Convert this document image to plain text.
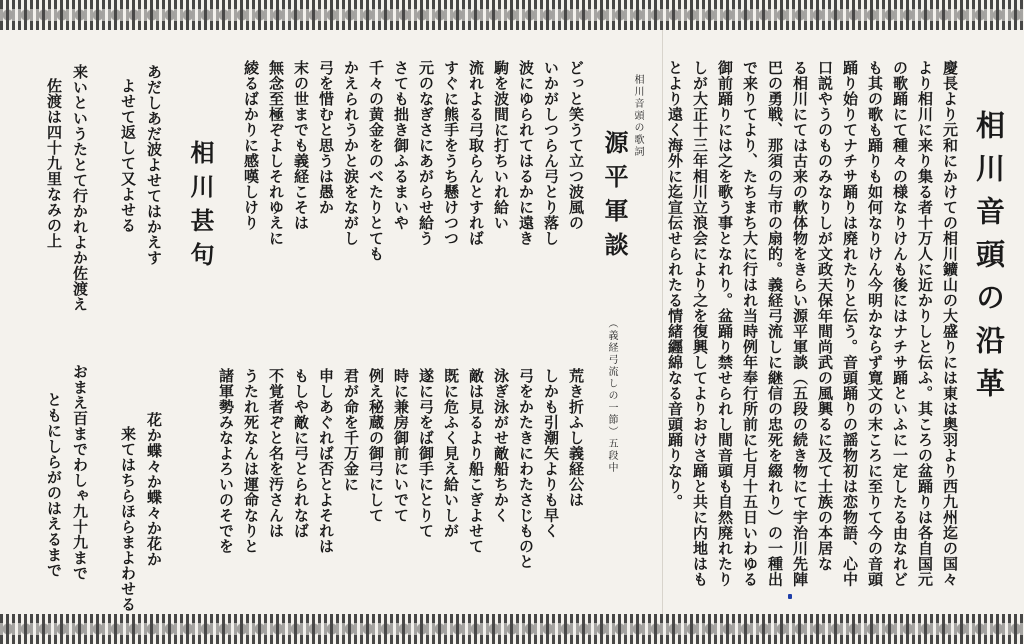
相川音頭の沿革
慶長より元和にかけての相川鑛山の大盛りには東は奥羽より西九州迄の国々
より相川に来り集る者十万人に近かりしと伝ふ。其ころの盆踊りは各自国元
の歌踊にて種々の様なりけんも後にはナチサ踊といふに一定したる由なれど
も其の歌も踊りも如何なりけん今明かならず寛文の末ころに至りて今の音頭
踊り始りてナチサ踊りは廃れたりと伝う。音頭踊りの謡物初は恋物語、心中
口説やうのものみなりしが文政天保年間尚武の風興るに及て士族の本居な
る相川にては古来の軟体物をきらい源平軍談（五段の続き物にて宇治川先陣
巴の勇戦、那須の与市の扇的。義経弓流しに継信の忠死を綴れり）の一種出
で来りてより、たちまち大に行はれ当時例年奉行所前に七月十五日いわゆる
御前踊りには之を歌う事となれり。盆踊り禁せられし間音頭も自然廃れたり
しが大正十三年相川立浪会により之を復興してよりおけさ踊と共に内地はも
とより遠く海外に迄宣伝せられたる情緒纒綿なる音頭踊りなり。
相川音頭の歌詞
源平軍談
（義経弓流しの一節）五段中
どっと笑うて立つ波風の
いかがしつらん弓とり落し
波にゆられてはるかに遠き
駒を波間に打ちいれ給い
流れよる弓取らんとすれば
すぐに熊手をうち懸けつつ
元のなぎさにあがらせ給う
さても拙き御ふるまいや
千々の黄金をのべたりとても
かえられうかと涙をながし
弓を惜むと思うは愚か
末の世までも義経こそは
無念至極ぞよしそれゆえに
綾るばかりに感嘆しけり
荒き折ふし義経公は
しかも引潮矢よりも早く
弓をかたきにわたさじものと
泳ぎ泳がせ敵船ちかく
敵は見るより船こぎよせて
既に危ふく見え給いしが
遂に弓をば御手にとりて
時に兼房御前にいでて
例え秘蔵の御弓にして
君が命を千万金に
申しあぐれば否とよそれは
もしや敵に弓とられなば
不覚者ぞと名を汚さんは
うたれ死なんは運命なりと
諸軍勢みなよろいのそでを
相川甚句
あだしあだ波よせてはかえす
よせて返して又よせる
来いというたとて行かれよか佐渡え
佐渡は四十九里なみの上
花か蝶々か蝶々か花か
来てはちらほらまよわせる
おまえ百までわしゃ九十九まで
ともにしらがのはえるまで
